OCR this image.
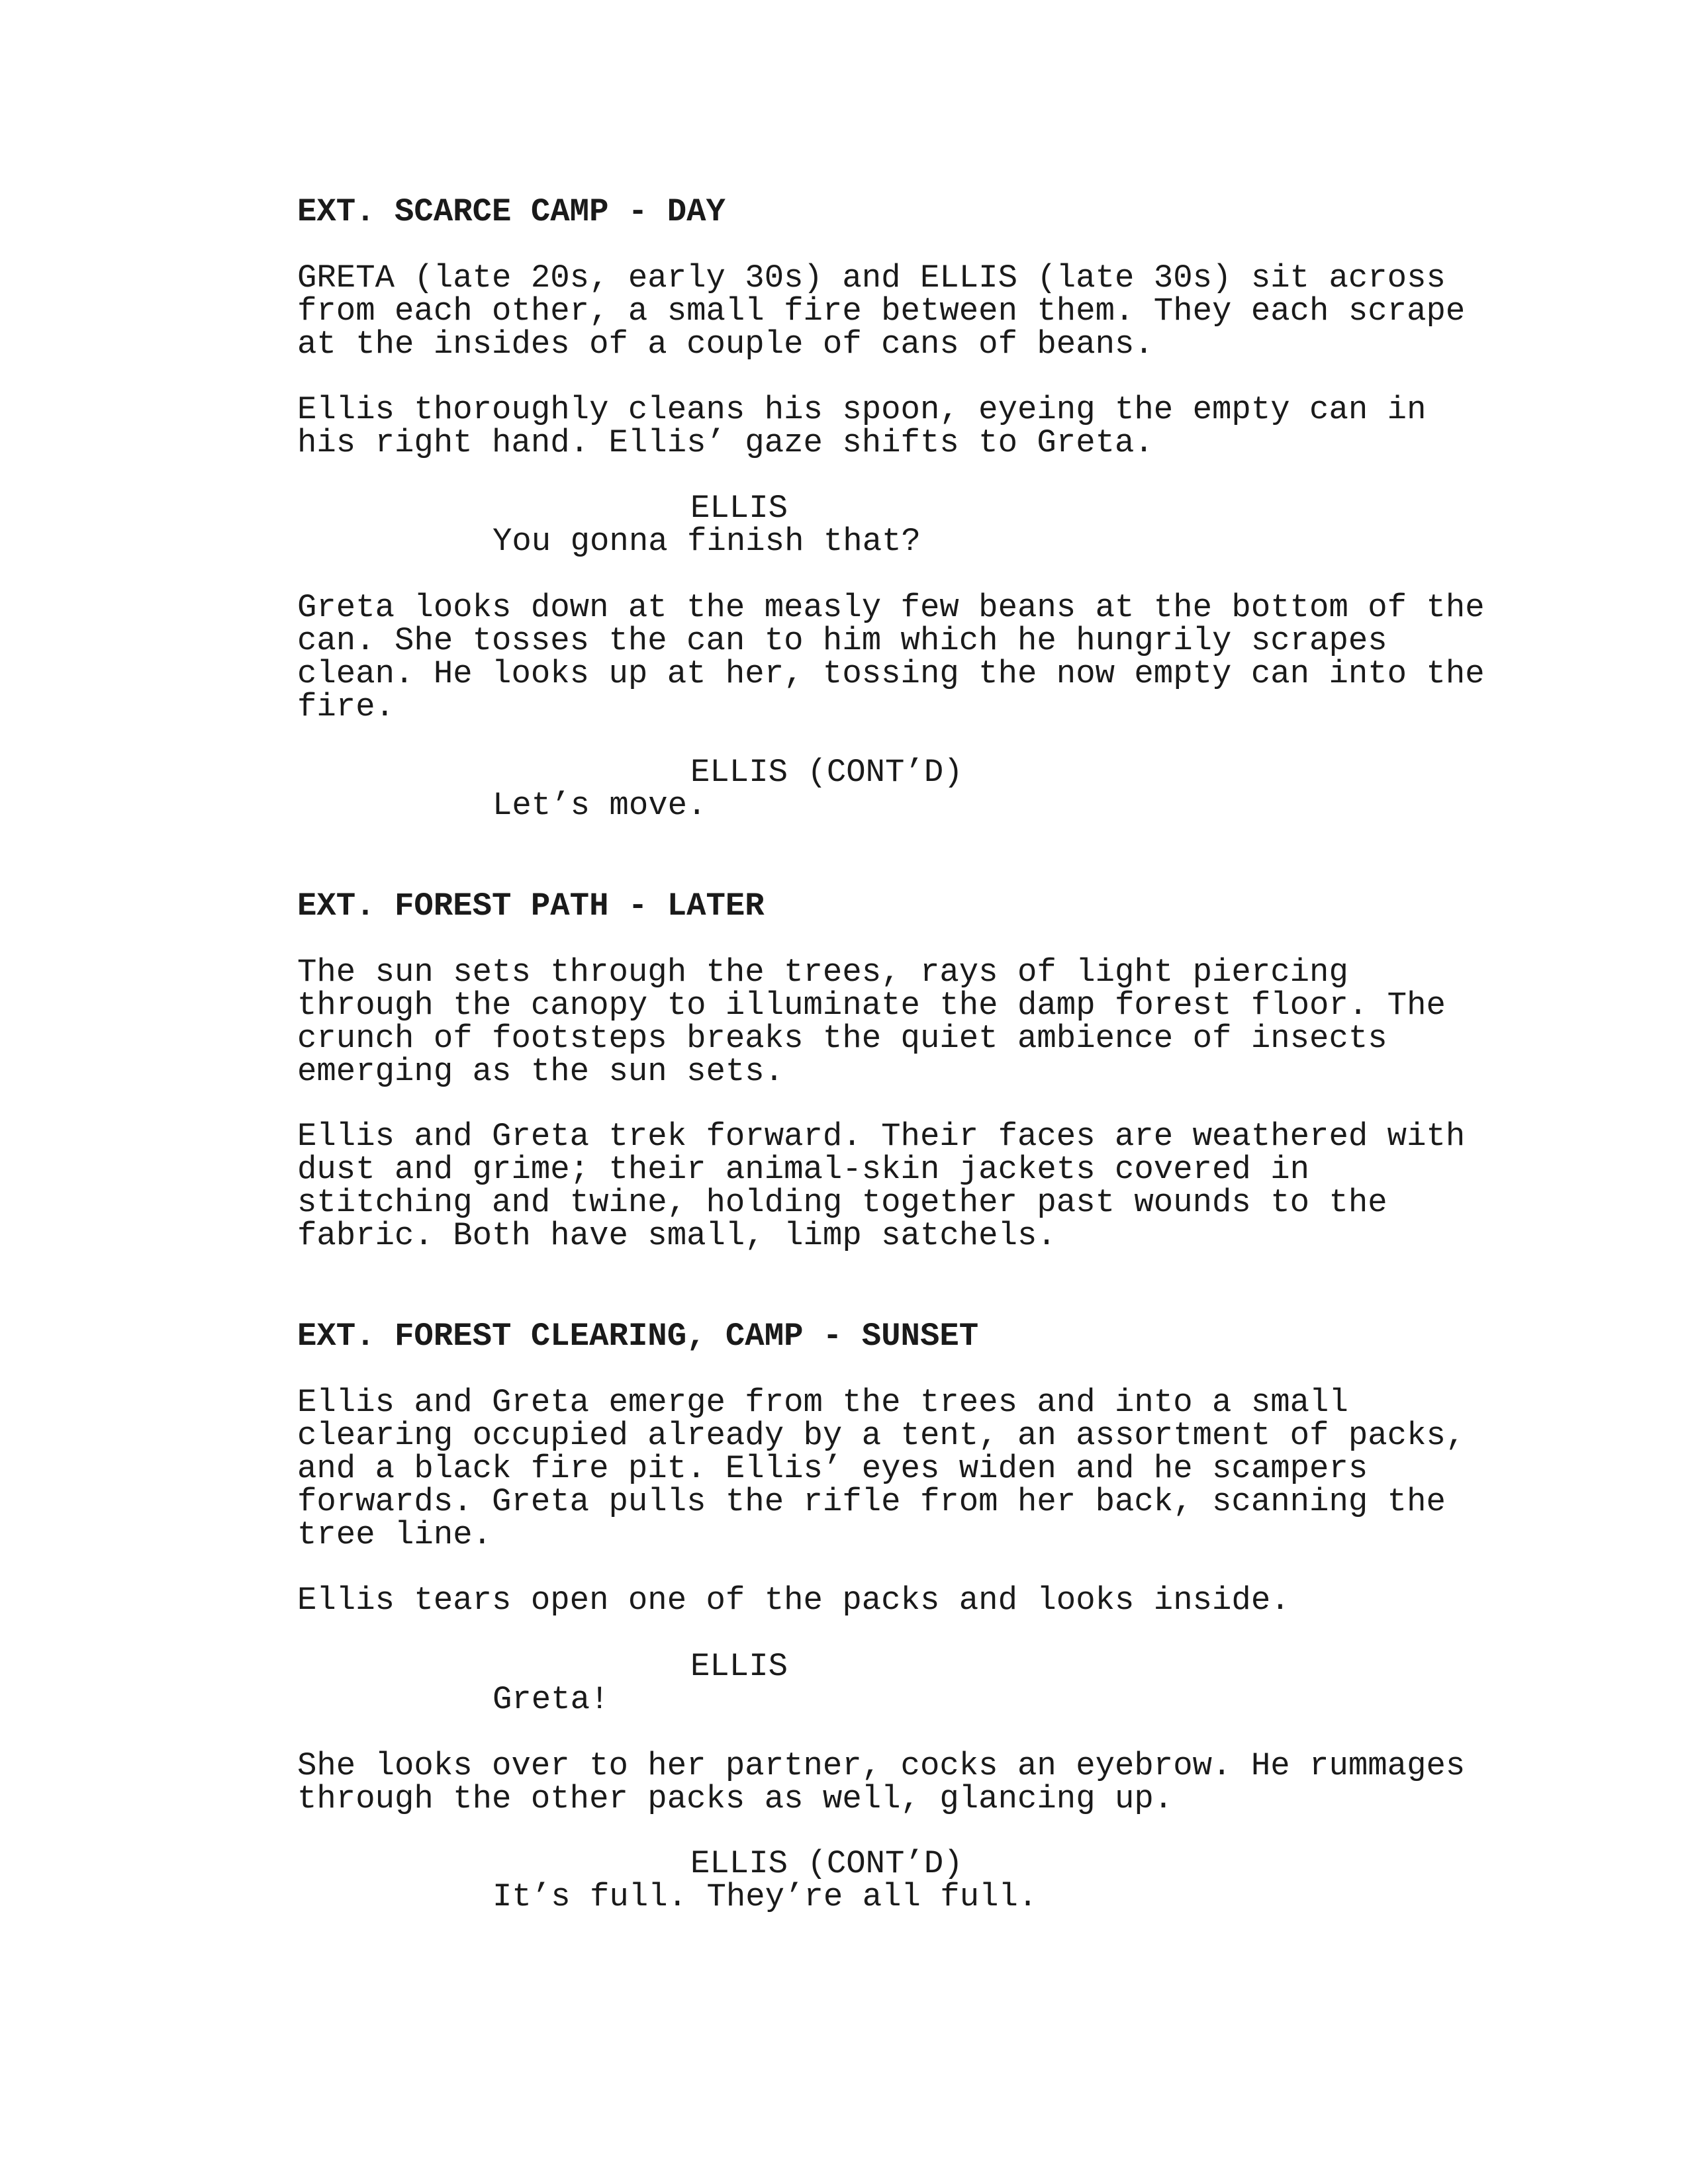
EXT. SCARCE CAMP - DAY
GRETA (late 20s, early 30s) and ELLIS (late 30s) sit across
from each other, a small fire between them. They each scrape
at the insides of a couple of cans of beans.
Ellis thoroughly cleans his spoon, eyeing the empty can in
his right hand. Ellis’ gaze shifts to Greta.
ELLIS
You gonna finish that?
Greta looks down at the measly few beans at the bottom of the
can. She tosses the can to him which he hungrily scrapes
clean. He looks up at her, tossing the now empty can into the
fire.
ELLIS (CONT’D)
Let’s move.
EXT. FOREST PATH - LATER
The sun sets through the trees, rays of light piercing
through the canopy to illuminate the damp forest floor. The
crunch of footsteps breaks the quiet ambience of insects
emerging as the sun sets.
Ellis and Greta trek forward. Their faces are weathered with
dust and grime; their animal-skin jackets covered in
stitching and twine, holding together past wounds to the
fabric. Both have small, limp satchels.
EXT. FOREST CLEARING, CAMP - SUNSET
Ellis and Greta emerge from the trees and into a small
clearing occupied already by a tent, an assortment of packs,
and a black fire pit. Ellis’ eyes widen and he scampers
forwards. Greta pulls the rifle from her back, scanning the
tree line.
Ellis tears open one of the packs and looks inside.
ELLIS
Greta!
She looks over to her partner, cocks an eyebrow. He rummages
through the other packs as well, glancing up.
ELLIS (CONT’D)
It’s full. They’re all full.
